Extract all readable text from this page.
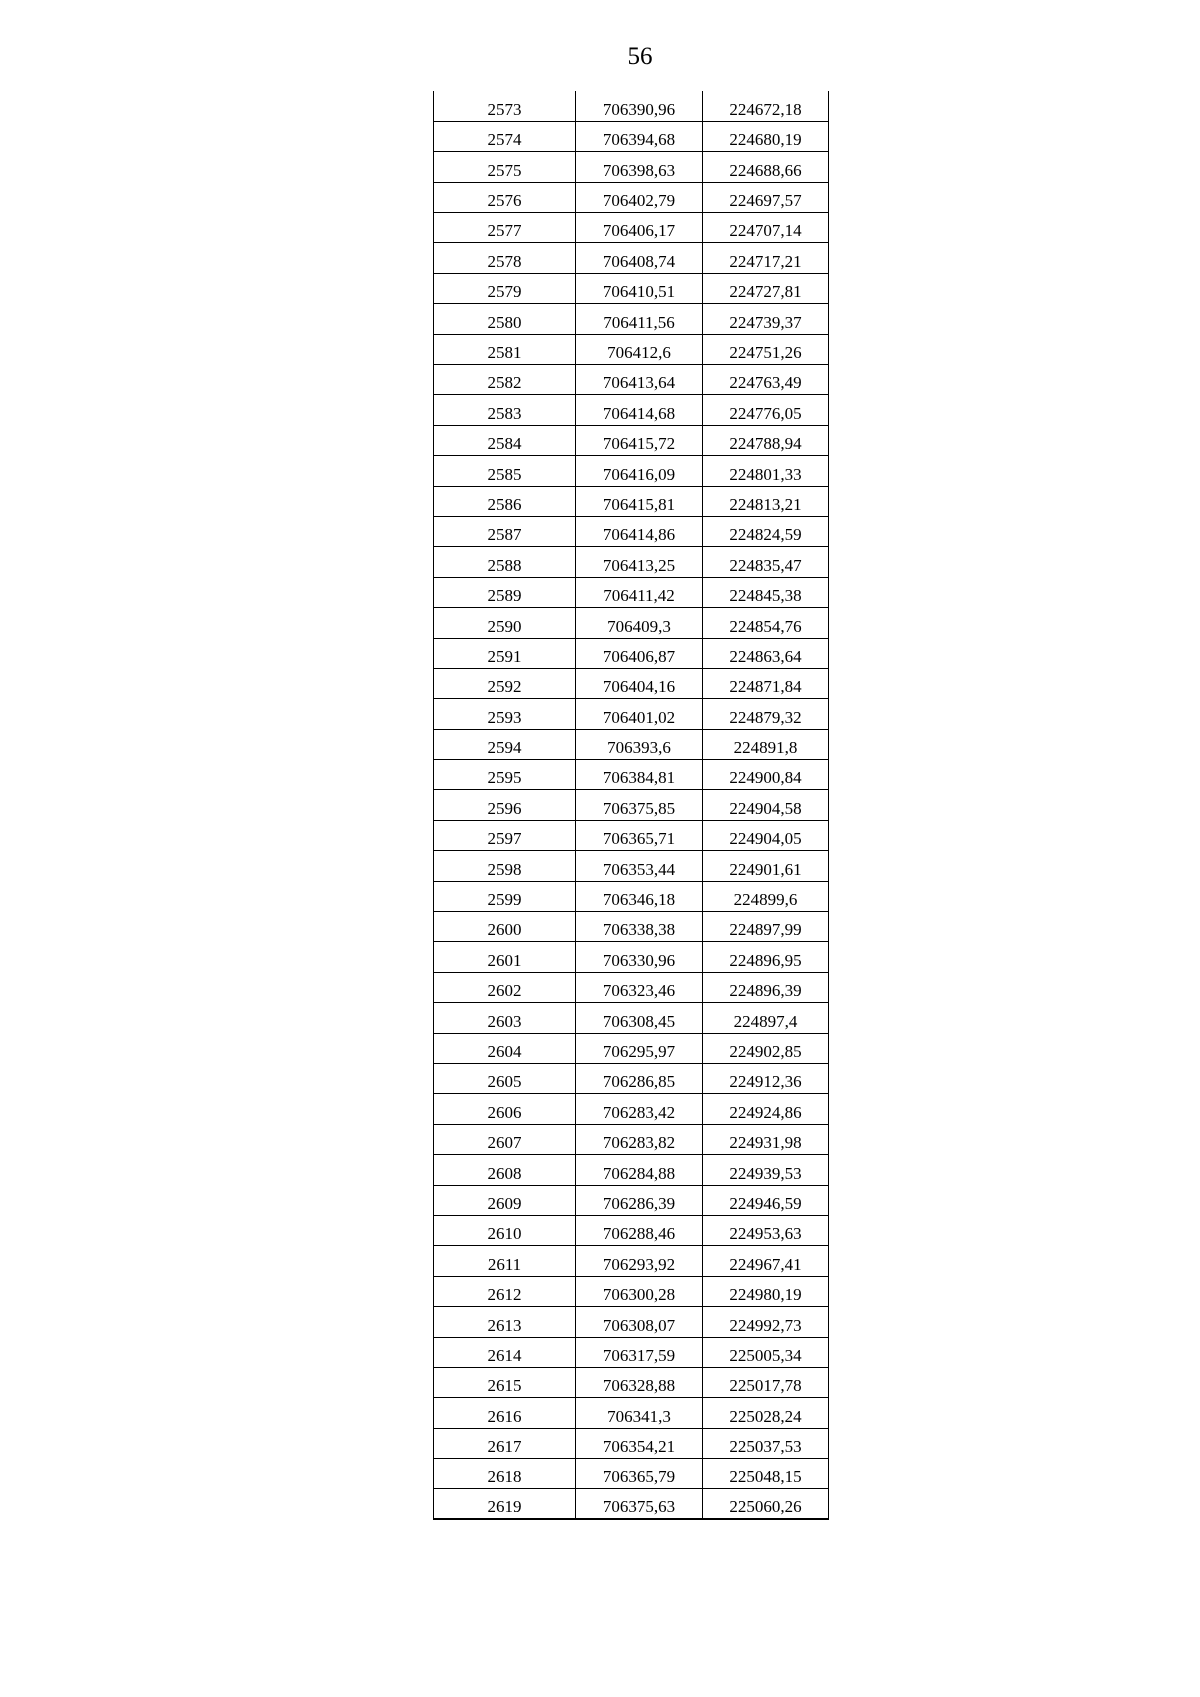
56
2573	706390,96	224672,18
2574	706394,68	224680,19
2575	706398,63	224688,66
2576	706402,79	224697,57
2577	706406,17	224707,14
2578	706408,74	224717,21
2579	706410,51	224727,81
2580	706411,56	224739,37
2581	706412,6	224751,26
2582	706413,64	224763,49
2583	706414,68	224776,05
2584	706415,72	224788,94
2585	706416,09	224801,33
2586	706415,81	224813,21
2587	706414,86	224824,59
2588	706413,25	224835,47
2589	706411,42	224845,38
2590	706409,3	224854,76
2591	706406,87	224863,64
2592	706404,16	224871,84
2593	706401,02	224879,32
2594	706393,6	224891,8
2595	706384,81	224900,84
2596	706375,85	224904,58
2597	706365,71	224904,05
2598	706353,44	224901,61
2599	706346,18	224899,6
2600	706338,38	224897,99
2601	706330,96	224896,95
2602	706323,46	224896,39
2603	706308,45	224897,4
2604	706295,97	224902,85
2605	706286,85	224912,36
2606	706283,42	224924,86
2607	706283,82	224931,98
2608	706284,88	224939,53
2609	706286,39	224946,59
2610	706288,46	224953,63
2611	706293,92	224967,41
2612	706300,28	224980,19
2613	706308,07	224992,73
2614	706317,59	225005,34
2615	706328,88	225017,78
2616	706341,3	225028,24
2617	706354,21	225037,53
2618	706365,79	225048,15
2619	706375,63	225060,26
